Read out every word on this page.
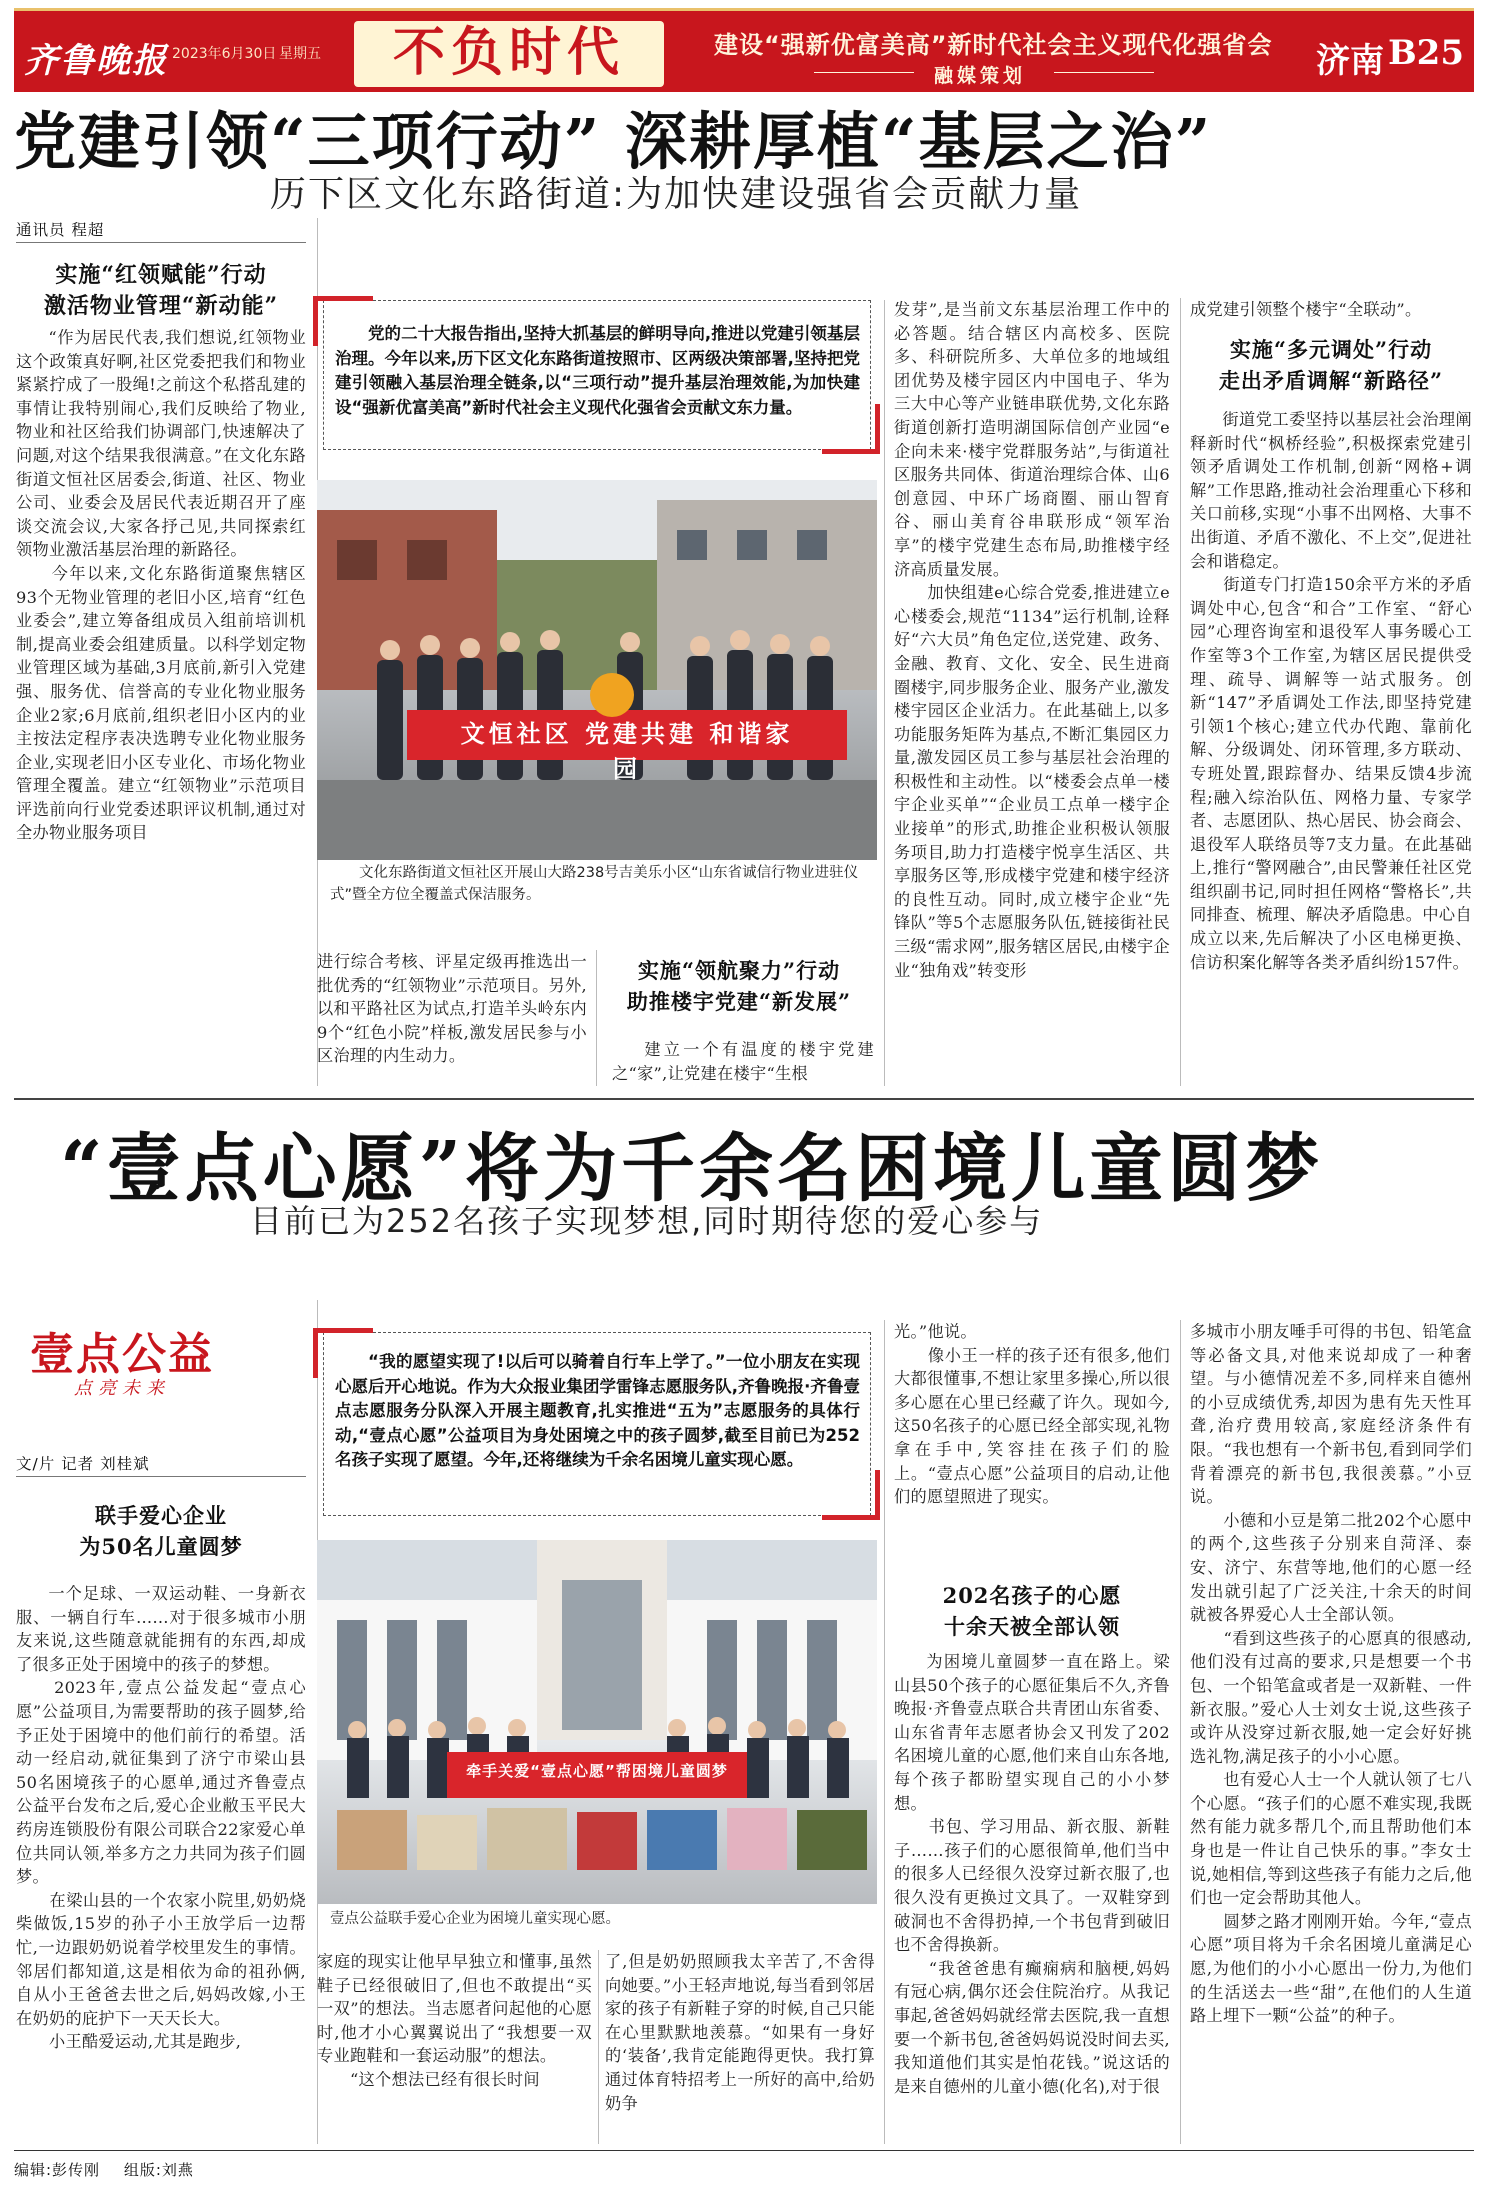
齐鲁晚报 2023年6月30日 星期五	不负时代	建设“强新优富美高”新时代社会主义现代化强省会
融媒策划	济南 B25
党建引领“三项行动” 深耕厚植“基层之治”
历下区文化东路街道:为加快建设强省会贡献力量
通讯员 程超
实施“红领赋能”行动
激活物业管理“新动能”
“作为居民代表,我们想说,红领物业这个政策真好啊,社区党委把我们和物业紧紧拧成了一股绳!之前这个私搭乱建的事情让我特别闹心,我们反映给了物业,物业和社区给我们协调部门,快速解决了问题,对这个结果我很满意。”在文化东路街道文恒社区居委会,街道、社区、物业公司、业委会及居民代表近期召开了座谈交流会议,大家各抒己见,共同探索红领物业激活基层治理的新路径。
　　今年以来,文化东路街道聚焦辖区93个无物业管理的老旧小区,培育“红色业委会”,建立筹备组成员入组前培训机制,提高业委会组建质量。以科学划定物业管理区域为基础,3月底前,新引入党建强、服务优、信誉高的专业化物业服务企业2家;6月底前,组织老旧小区内的业主按法定程序表决选聘专业化物业服务企业,实现老旧小区专业化、市场化物业管理全覆盖。建立“红领物业”示范项目评选前向行业党委述职评议机制,通过对全办物业服务项目
党的二十大报告指出,坚持大抓基层的鲜明导向,推进以党建引领基层治理。今年以来,历下区文化东路街道按照市、区两级决策部署,坚持把党建引领融入基层治理全链条,以“三项行动”提升基层治理效能,为加快建设“强新优富美高”新时代社会主义现代化强省会贡献文东力量。
文恒社区 党建共建 和谐家园
文化东路街道文恒社区开展山大路238号吉美乐小区“山东省诚信行物业进驻仪式”暨全方位全覆盖式保洁服务。
进行综合考核、评星定级再推选出一批优秀的“红领物业”示范项目。另外,以和平路社区为试点,打造羊头岭东内9个“红色小院”样板,激发居民参与小区治理的内生动力。
实施“领航聚力”行动
助推楼宇党建“新发展”
建立一个有温度的楼宇党建之“家”,让党建在楼宇“生根
发芽”,是当前文东基层治理工作中的必答题。结合辖区内高校多、医院多、科研院所多、大单位多的地域组团优势及楼宇园区内中国电子、华为三大中心等产业链串联优势,文化东路街道创新打造明湖国际信创产业园“e企向未来·楼宇党群服务站”,与街道社区服务共同体、街道治理综合体、山6创意园、中环广场商圈、丽山智育谷、丽山美育谷串联形成“领军治享”的楼宇党建生态布局,助推楼宇经济高质量发展。
　　加快组建e心综合党委,推进建立e心楼委会,规范“1134”运行机制,诠释好“六大员”角色定位,送党建、政务、金融、教育、文化、安全、民生进商圈楼宇,同步服务企业、服务产业,激发楼宇园区企业活力。在此基础上,以多功能服务矩阵为基点,不断汇集园区力量,激发园区员工参与基层社会治理的积极性和主动性。以“楼委会点单一楼宇企业买单”“企业员工点单一楼宇企业接单”的形式,助推企业积极认领服务项目,助力打造楼宇悦享生活区、共享服务区等,形成楼宇党建和楼宇经济的良性互动。同时,成立楼宇企业“先锋队”等5个志愿服务队伍,链接街社民三级“需求网”,服务辖区居民,由楼宇企业“独角戏”转变形
成党建引领整个楼宇“全联动”。
实施“多元调处”行动
走出矛盾调解“新路径”
街道党工委坚持以基层社会治理阐释新时代“枫桥经验”,积极探索党建引领矛盾调处工作机制,创新“网格+调解”工作思路,推动社会治理重心下移和关口前移,实现“小事不出网格、大事不出街道、矛盾不激化、不上交”,促进社会和谐稳定。
　　街道专门打造150余平方米的矛盾调处中心,包含“和合”工作室、“舒心园”心理咨询室和退役军人事务暖心工作室等3个工作室,为辖区居民提供受理、疏导、调解等一站式服务。创新“147”矛盾调处工作法,即坚持党建引领1个核心;建立代办代跑、靠前化解、分级调处、闭环管理,多方联动、专班处置,跟踪督办、结果反馈4步流程;融入综治队伍、网格力量、专家学者、志愿团队、热心居民、协会商会、退役军人联络员等7支力量。在此基础上,推行“警网融合”,由民警兼任社区党组织副书记,同时担任网格“警格长”,共同排查、梳理、解决矛盾隐患。中心自成立以来,先后解决了小区电梯更换、信访积案化解等各类矛盾纠纷157件。
“壹点心愿”将为千余名困境儿童圆梦
目前已为252名孩子实现梦想,同时期待您的爱心参与
壹点公益
点亮未来
文/片 记者 刘桂斌
联手爱心企业
为50名儿童圆梦
一个足球、一双运动鞋、一身新衣服、一辆自行车……对于很多城市小朋友来说,这些随意就能拥有的东西,却成了很多正处于困境中的孩子的梦想。
　　2023年,壹点公益发起“壹点心愿”公益项目,为需要帮助的孩子圆梦,给予正处于困境中的他们前行的希望。活动一经启动,就征集到了济宁市梁山县50名困境孩子的心愿单,通过齐鲁壹点公益平台发布之后,爱心企业敝玉平民大药房连锁股份有限公司联合22家爱心单位共同认领,举多方之力共同为孩子们圆梦。
　　在梁山县的一个农家小院里,奶奶烧柴做饭,15岁的孙子小王放学后一边帮忙,一边跟奶奶说着学校里发生的事情。邻居们都知道,这是相依为命的祖孙俩,自从小王爸爸去世之后,妈妈改嫁,小王在奶奶的庇护下一天天长大。
　　小王酷爱运动,尤其是跑步,
“我的愿望实现了!以后可以骑着自行车上学了。”一位小朋友在实现心愿后开心地说。作为大众报业集团学雷锋志愿服务队,齐鲁晚报·齐鲁壹点志愿服务分队深入开展主题教育,扎实推进“五为”志愿服务的具体行动,“壹点心愿”公益项目为身处困境之中的孩子圆梦,截至目前已为252名孩子实现了愿望。今年,还将继续为千余名困境儿童实现心愿。
牵手关爱“壹点心愿”帮困境儿童圆梦
壹点公益联手爱心企业为困境儿童实现心愿。
家庭的现实让他早早独立和懂事,虽然鞋子已经很破旧了,但也不敢提出“买一双”的想法。当志愿者问起他的心愿时,他才小心翼翼说出了“我想要一双专业跑鞋和一套运动服”的想法。
　　“这个想法已经有很长时间
了,但是奶奶照顾我太辛苦了,不舍得向她要。”小王轻声地说,每当看到邻居家的孩子有新鞋子穿的时候,自己只能在心里默默地羡慕。“如果有一身好的‘装备’,我肯定能跑得更快。我打算通过体育特招考上一所好的高中,给奶奶争
光。”他说。
　　像小王一样的孩子还有很多,他们大都很懂事,不想让家里多操心,所以很多心愿在心里已经藏了许久。现如今,这50名孩子的心愿已经全部实现,礼物拿在手中,笑容挂在孩子们的脸上。“壹点心愿”公益项目的启动,让他们的愿望照进了现实。
202名孩子的心愿
十余天被全部认领
为困境儿童圆梦一直在路上。梁山县50个孩子的心愿征集后不久,齐鲁晚报·齐鲁壹点联合共青团山东省委、山东省青年志愿者协会又刊发了202名困境儿童的心愿,他们来自山东各地,每个孩子都盼望实现自己的小小梦想。
　　书包、学习用品、新衣服、新鞋子……孩子们的心愿很简单,他们当中的很多人已经很久没穿过新衣服了,也很久没有更换过文具了。一双鞋穿到破洞也不舍得扔掉,一个书包背到破旧也不舍得换新。
　　“我爸爸患有癫痫病和脑梗,妈妈有冠心病,偶尔还会住院治疗。从我记事起,爸爸妈妈就经常去医院,我一直想要一个新书包,爸爸妈妈说没时间去买,我知道他们其实是怕花钱。”说这话的是来自德州的儿童小德(化名),对于很
多城市小朋友唾手可得的书包、铅笔盒等必备文具,对他来说却成了一种奢望。与小德情况差不多,同样来自德州的小豆成绩优秀,却因为患有先天性耳聋,治疗费用较高,家庭经济条件有限。“我也想有一个新书包,看到同学们背着漂亮的新书包,我很羡慕。”小豆说。
　　小德和小豆是第二批202个心愿中的两个,这些孩子分别来自菏泽、泰安、济宁、东营等地,他们的心愿一经发出就引起了广泛关注,十余天的时间就被各界爱心人士全部认领。
　　“看到这些孩子的心愿真的很感动,他们没有过高的要求,只是想要一个书包、一个铅笔盒或者是一双新鞋、一件新衣服。”爱心人士刘女士说,这些孩子或许从没穿过新衣服,她一定会好好挑选礼物,满足孩子的小小心愿。
　　也有爱心人士一个人就认领了七八个心愿。“孩子们的心愿不难实现,我既然有能力就多帮几个,而且帮助他们本身也是一件让自己快乐的事。”李女士说,她相信,等到这些孩子有能力之后,他们也一定会帮助其他人。
　　圆梦之路才刚刚开始。今年,“壹点心愿”项目将为千余名困境儿童满足心愿,为他们的小小心愿出一份力,为他们的生活送去一些“甜”,在他们的人生道路上埋下一颗“公益”的种子。
编辑:彭传刚 组版:刘燕
